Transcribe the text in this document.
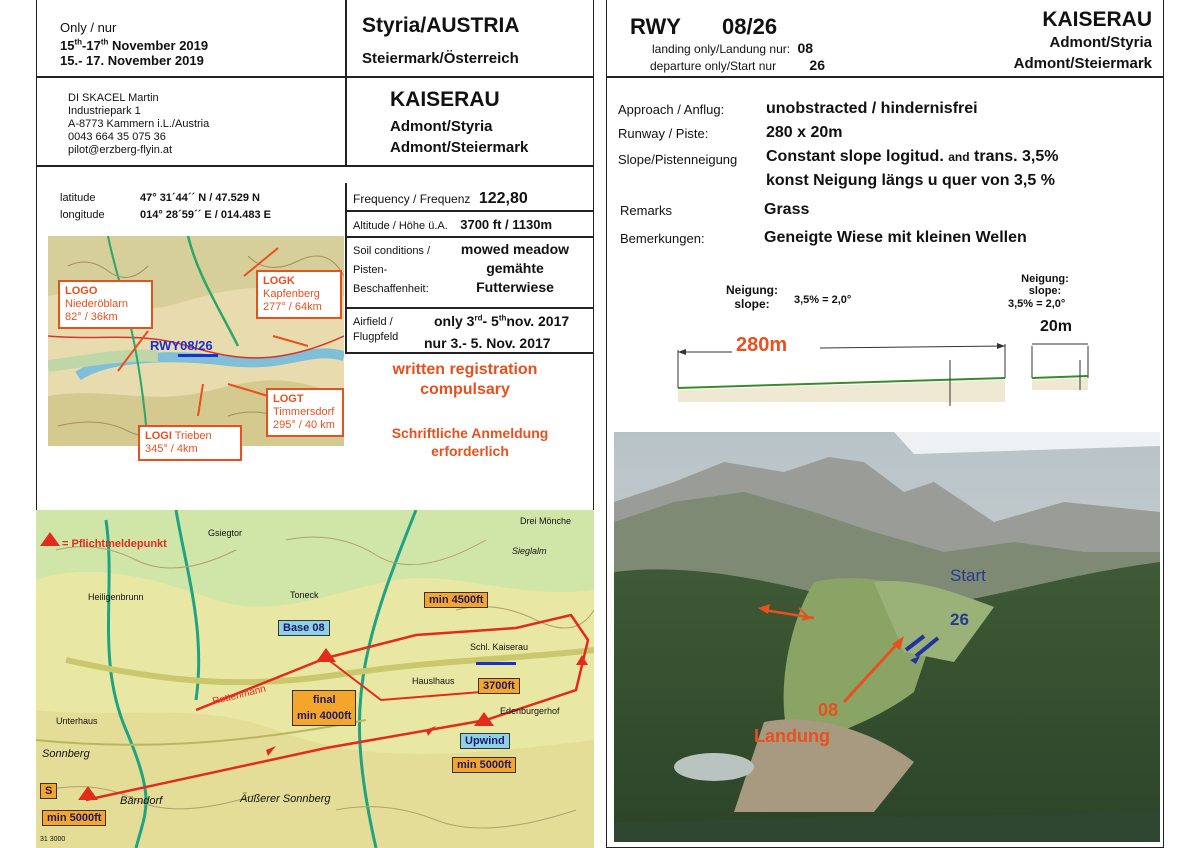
Only / nur
15th-17th November 2019
15.- 17. November 2019
Styria/AUSTRIA
Steiermark/Österreich
DI SKACEL Martin
Industriepark 1
A-8773 Kammern i.L./Austria
0043 664 35 075 36
pilot@erzberg-flyin.at
KAISERAU
Admont/Styria
Admont/Steiermark
latitude	47° 31´44´´ N / 47.529 N
longitude	014° 28´59´´ E / 014.483 E
Frequency / Frequenz 122,80
Altitude / Höhe ü.A. 3700 ft / 1130m
Soil conditions /
Pisten-
Beschaffenheit:
mowed meadow
gemähte
Futterwiese
Airfield /
Flugpfeld
only 3rd- 5thnov. 2017
nur 3.- 5. Nov. 2017
written registration
compulsary
Schriftliche Anmeldung
erforderlich
RWY08/26
LOGO
Niederöblarn
82° / 36km
LOGK
Kapfenberg
277° / 64km
LOGT
Timmersdorf
295° / 40 km
LOGI Trieben
345° / 4km
= Pflichtmeldepunkt
Base 08
min 4500ft
3700ft
final
min 4000ft
Upwind
min 5000ft
S
min 5000ft
Drei Mönche
Sieglalm
Heiligenbrunn	Toneck
Schl. Kaiserau
Hauslhaus
Edenburgerhof
Sonnberg
Bärndorf	Äußerer Sonnberg
Unterhaus
Gsiegtor
Rottenmann
31 3000
RWY 08/26
landing only/Landung nur: 08
departure only/Start nur 26
KAISERAU
Admont/Styria
Admont/Steiermark
Approach / Anflug:	unobstracted / hindernisfrei
Runway / Piste:	280 x 20m
Slope/Pistenneigung Constant slope logitud. and trans. 3,5%
konst Neigung längs u quer von 3,5 %
Remarks	Grass
Bemerkungen:	Geneigte Wiese mit kleinen Wellen
Neigung:
slope:	3,5% = 2,0°
Neigung:
slope:
3,5% = 2,0°
280m
20m
Start
26
08
Landung
